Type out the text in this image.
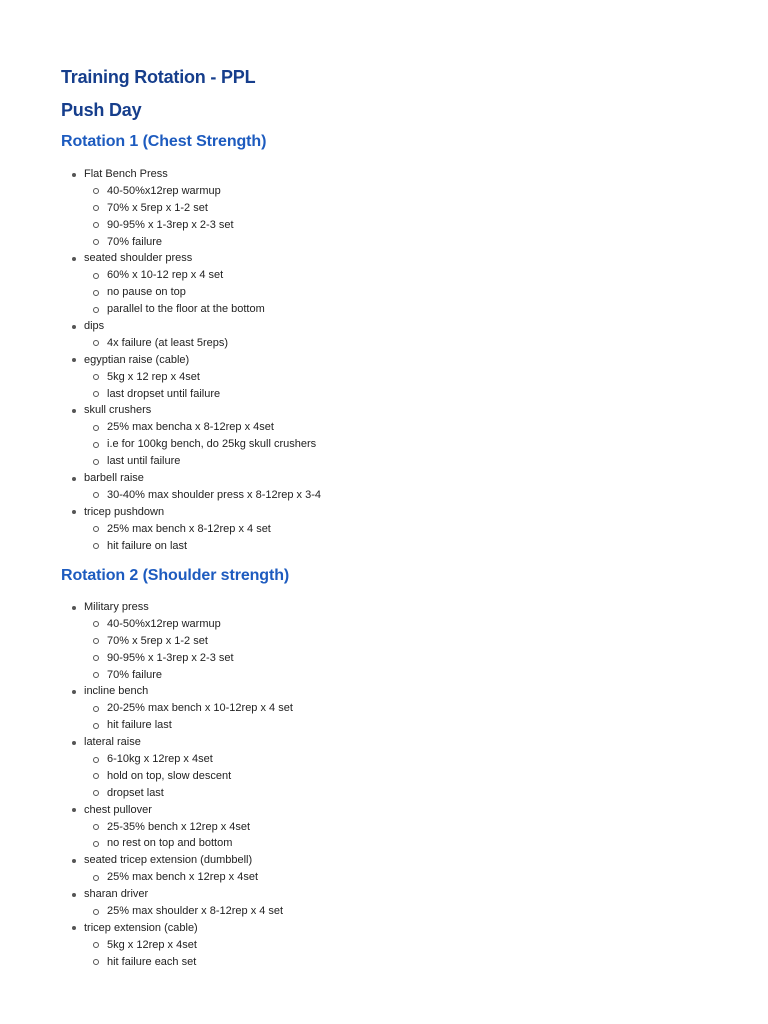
Training Rotation - PPL
Push Day
Rotation 1 (Chest Strength)
Flat Bench Press
40-50%x12rep warmup
70% x 5rep x 1-2 set
90-95% x 1-3rep x 2-3 set
70% failure
seated shoulder press
60% x 10-12 rep x 4 set
no pause on top
parallel to the floor at the bottom
dips
4x failure (at least 5reps)
egyptian raise (cable)
5kg x 12 rep x 4set
last dropset until failure
skull crushers
25% max bencha x 8-12rep x 4set
i.e for 100kg bench, do 25kg skull crushers
last until failure
barbell raise
30-40% max shoulder press x 8-12rep x 3-4
tricep pushdown
25% max bench x 8-12rep x 4 set
hit failure on last
Rotation 2 (Shoulder strength)
Military press
40-50%x12rep warmup
70% x 5rep x 1-2 set
90-95% x 1-3rep x 2-3 set
70% failure
incline bench
20-25% max bench x 10-12rep x 4 set
hit failure last
lateral raise
6-10kg x 12rep x 4set
hold on top, slow descent
dropset last
chest pullover
25-35% bench x 12rep x 4set
no rest on top and bottom
seated tricep extension (dumbbell)
25% max bench x 12rep x 4set
sharan driver
25% max shoulder x 8-12rep x 4 set
tricep extension (cable)
5kg x 12rep x 4set
hit failure each set
